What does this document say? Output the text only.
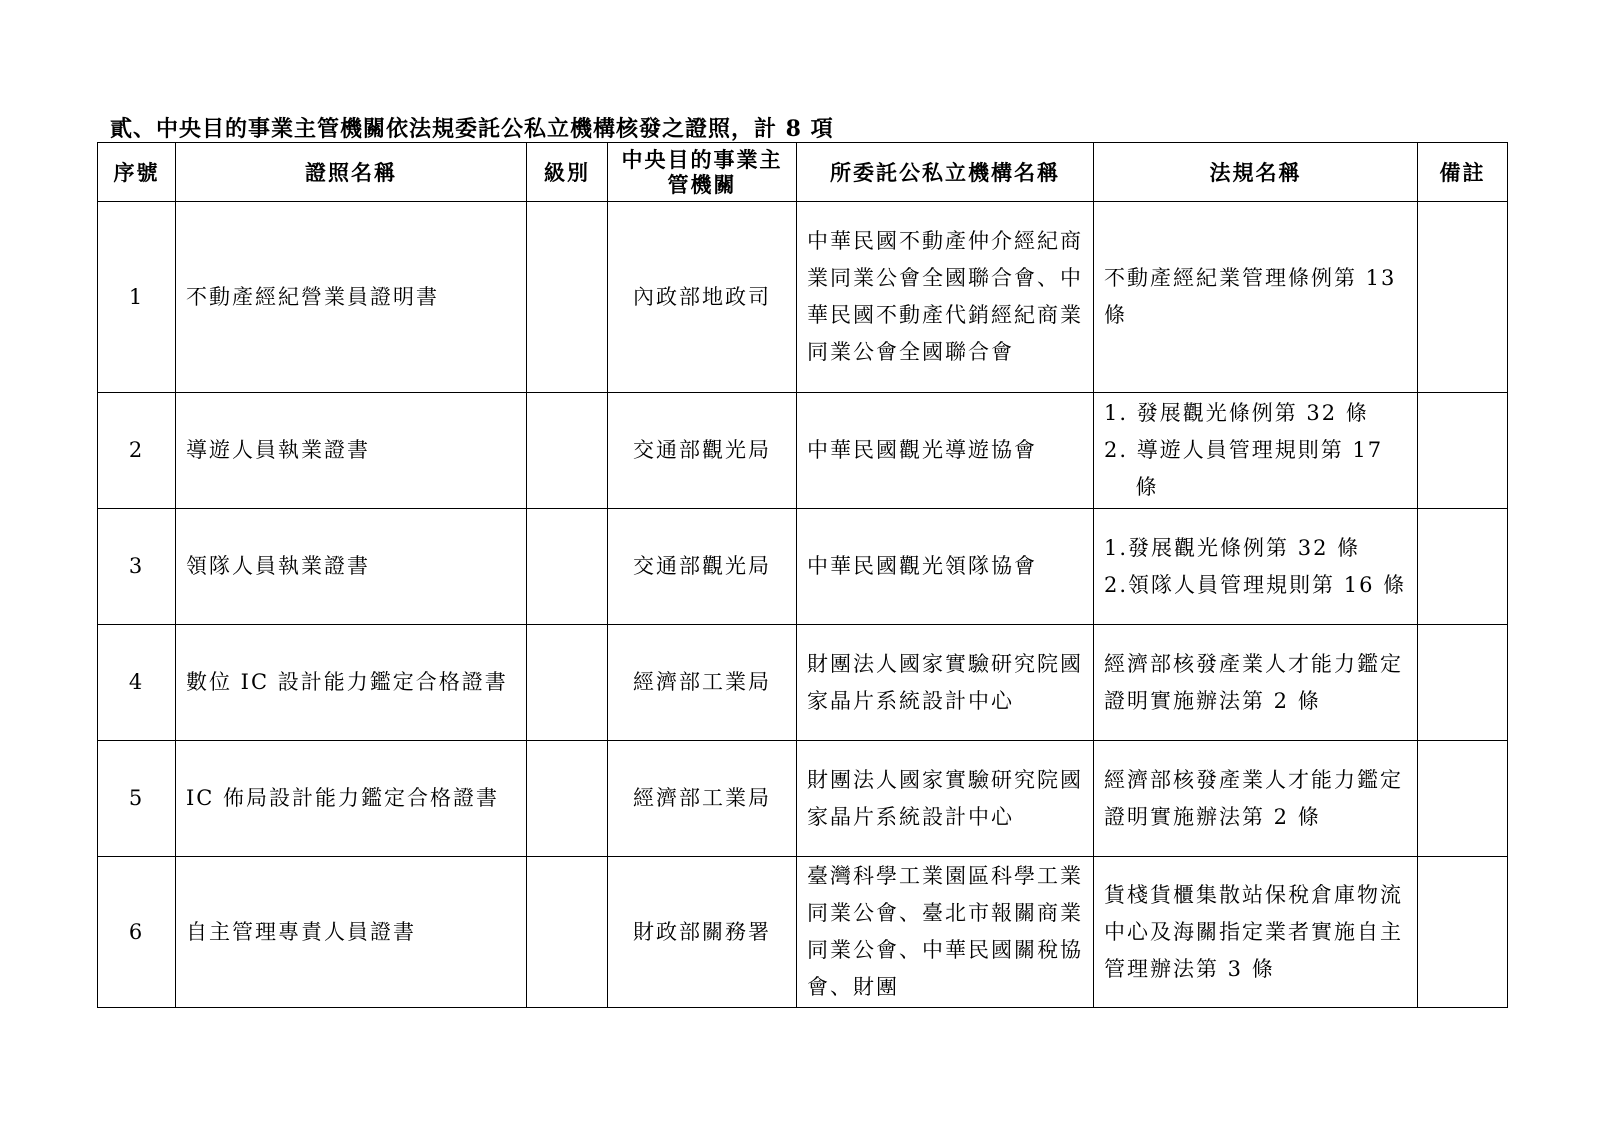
貳、中央目的事業主管機關依法規委託公私立機構核發之證照，計 8 項
序號	證照名稱	級別	中央目的事業主管機關	所委託公私立機構名稱	法規名稱	備註
1	不動產經紀營業員證明書		內政部地政司	中華民國不動產仲介經紀商業同業公會全國聯合會、中華民國不動產代銷經紀商業同業公會全國聯合會	不動產經紀業管理條例第 13 條	
2	導遊人員執業證書		交通部觀光局	中華民國觀光導遊協會	1. 發展觀光條例第 32 條
2. 導遊人員管理規則第 17 條	

3	領隊人員執業證書		交通部觀光局	中華民國觀光領隊協會	1.發展觀光條例第 32 條
2.領隊人員管理規則第 16 條	

4	數位 IC 設計能力鑑定合格證書		經濟部工業局	財團法人國家實驗研究院國家晶片系統設計中心	經濟部核發產業人才能力鑑定證明實施辦法第 2 條	
5	IC 佈局設計能力鑑定合格證書		經濟部工業局	財團法人國家實驗研究院國家晶片系統設計中心	經濟部核發產業人才能力鑑定證明實施辦法第 2 條	
6	自主管理專責人員證書		財政部關務署	臺灣科學工業園區科學工業同業公會、臺北市報關商業同業公會、中華民國關稅協會、財團	貨棧貨櫃集散站保稅倉庫物流中心及海關指定業者實施自主管理辦法第 3 條	
